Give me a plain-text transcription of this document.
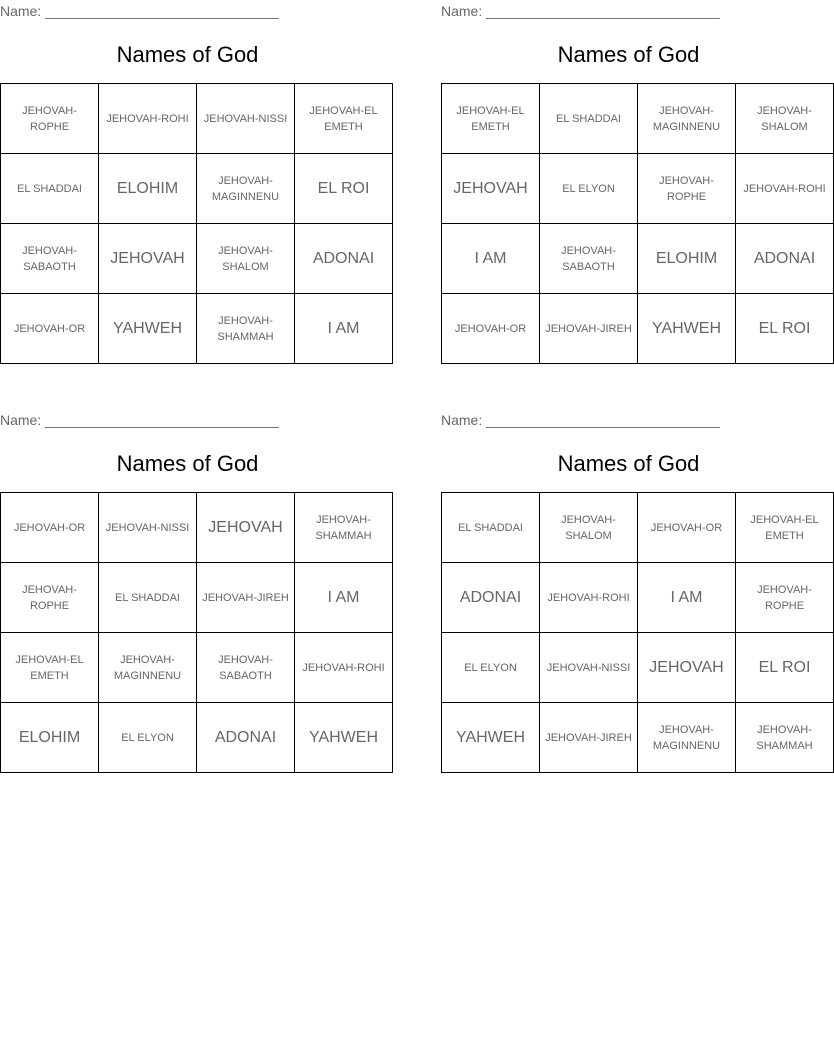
Name: ______________________________
Names of God
JEHOVAH-ROPHE	JEHOVAH-ROHI	JEHOVAH-NISSI	JEHOVAH-EL EMETH
EL SHADDAI	ELOHIM	JEHOVAH-MAGINNENU	EL ROI
JEHOVAH-SABAOTH	JEHOVAH	JEHOVAH-SHALOM	ADONAI
JEHOVAH-OR	YAHWEH	JEHOVAH-SHAMMAH	I AM
Name: ______________________________
Names of God
JEHOVAH-EL EMETH	EL SHADDAI	JEHOVAH-MAGINNENU	JEHOVAH-SHALOM
JEHOVAH	EL ELYON	JEHOVAH-ROPHE	JEHOVAH-ROHI
I AM	JEHOVAH-SABAOTH	ELOHIM	ADONAI
JEHOVAH-OR	JEHOVAH-JIREH	YAHWEH	EL ROI
Name: ______________________________
Names of God
JEHOVAH-OR	JEHOVAH-NISSI	JEHOVAH	JEHOVAH-SHAMMAH
JEHOVAH-ROPHE	EL SHADDAI	JEHOVAH-JIREH	I AM
JEHOVAH-EL EMETH	JEHOVAH-MAGINNENU	JEHOVAH-SABAOTH	JEHOVAH-ROHI
ELOHIM	EL ELYON	ADONAI	YAHWEH
Name: ______________________________
Names of God
EL SHADDAI	JEHOVAH-SHALOM	JEHOVAH-OR	JEHOVAH-EL EMETH
ADONAI	JEHOVAH-ROHI	I AM	JEHOVAH-ROPHE
EL ELYON	JEHOVAH-NISSI	JEHOVAH	EL ROI
YAHWEH	JEHOVAH-JIREH	JEHOVAH-MAGINNENU	JEHOVAH-SHAMMAH
